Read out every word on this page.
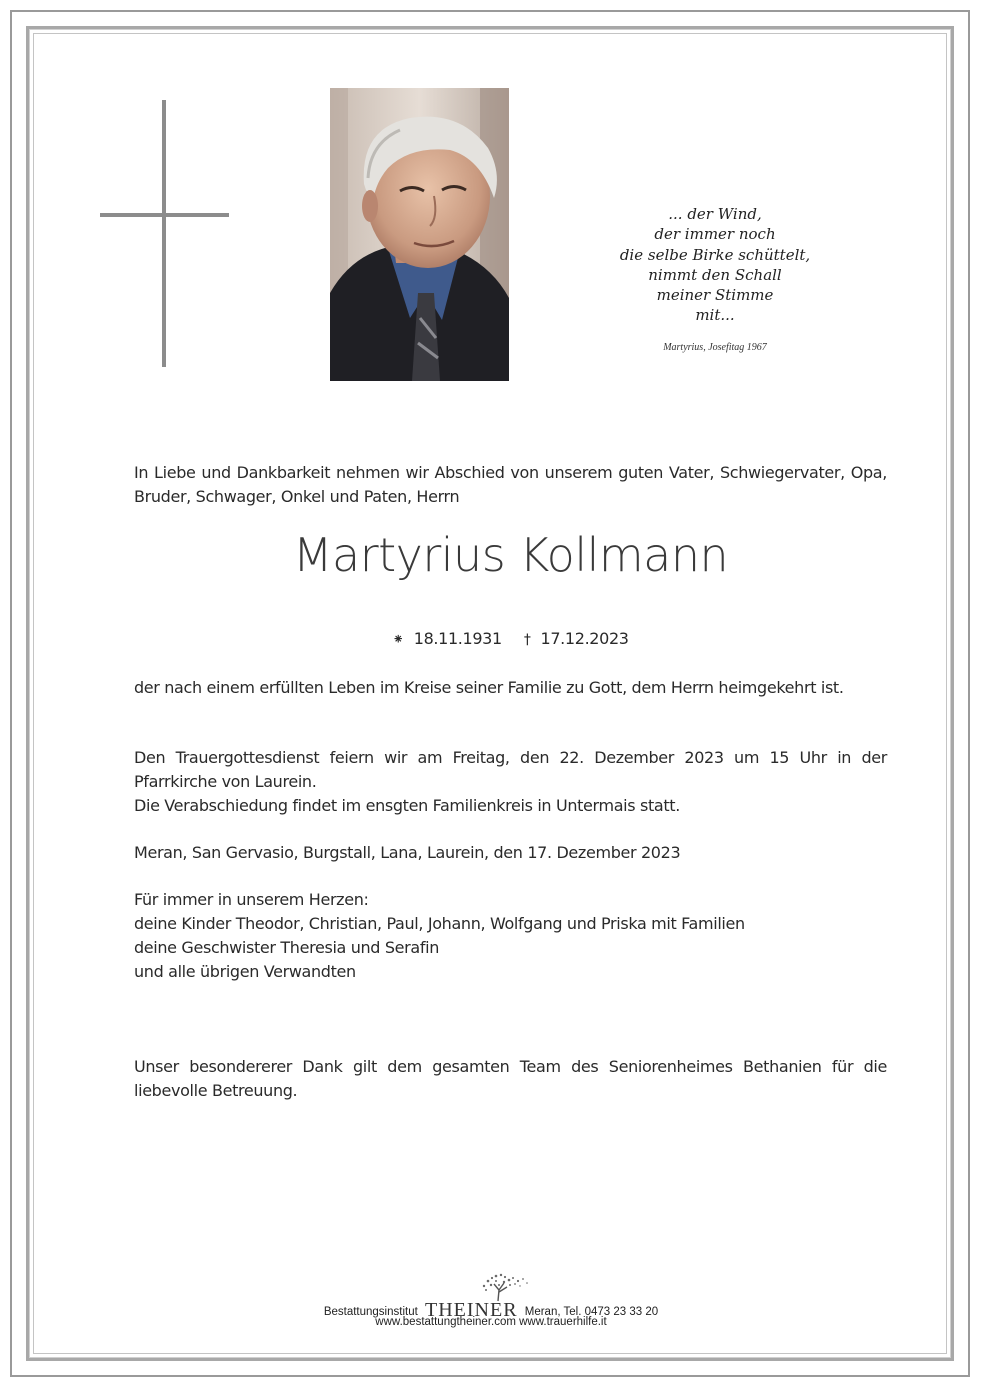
... der Wind,
der immer noch
die selbe Birke schüttelt,
nimmt den Schall
meiner Stimme
mit...
Martyrius, Josefitag 1967
In Liebe und Dankbarkeit nehmen wir Abschied von unserem guten Vater, Schwiegervater, Opa, Bruder, Schwager, Onkel und Paten, Herrn
Martyrius Kollmann
⁕ 18.11.1931 † 17.12.2023
der nach einem erfüllten Leben im Kreise seiner Familie zu Gott, dem Herrn heimgekehrt ist.
Den Trauergottesdienst feiern wir am Freitag, den 22. Dezember 2023 um 15 Uhr in der Pfarrkirche von Laurein.
Die Verabschiedung findet im ensgten Familienkreis in Untermais statt.
Meran, San Gervasio, Burgstall, Lana, Laurein, den 17. Dezember 2023
Für immer in unserem Herzen:
deine Kinder Theodor, Christian, Paul, Johann, Wolfgang und Priska mit Familien
deine Geschwister Theresia und Serafin
und alle übrigen Verwandten
Unser besondererer Dank gilt dem gesamten Team des Seniorenheimes Bethanien für die liebevolle Betreuung.
Bestattungsinstitut THEINER Meran, Tel. 0473 23 33 20
www.bestattungtheiner.com www.trauerhilfe.it
